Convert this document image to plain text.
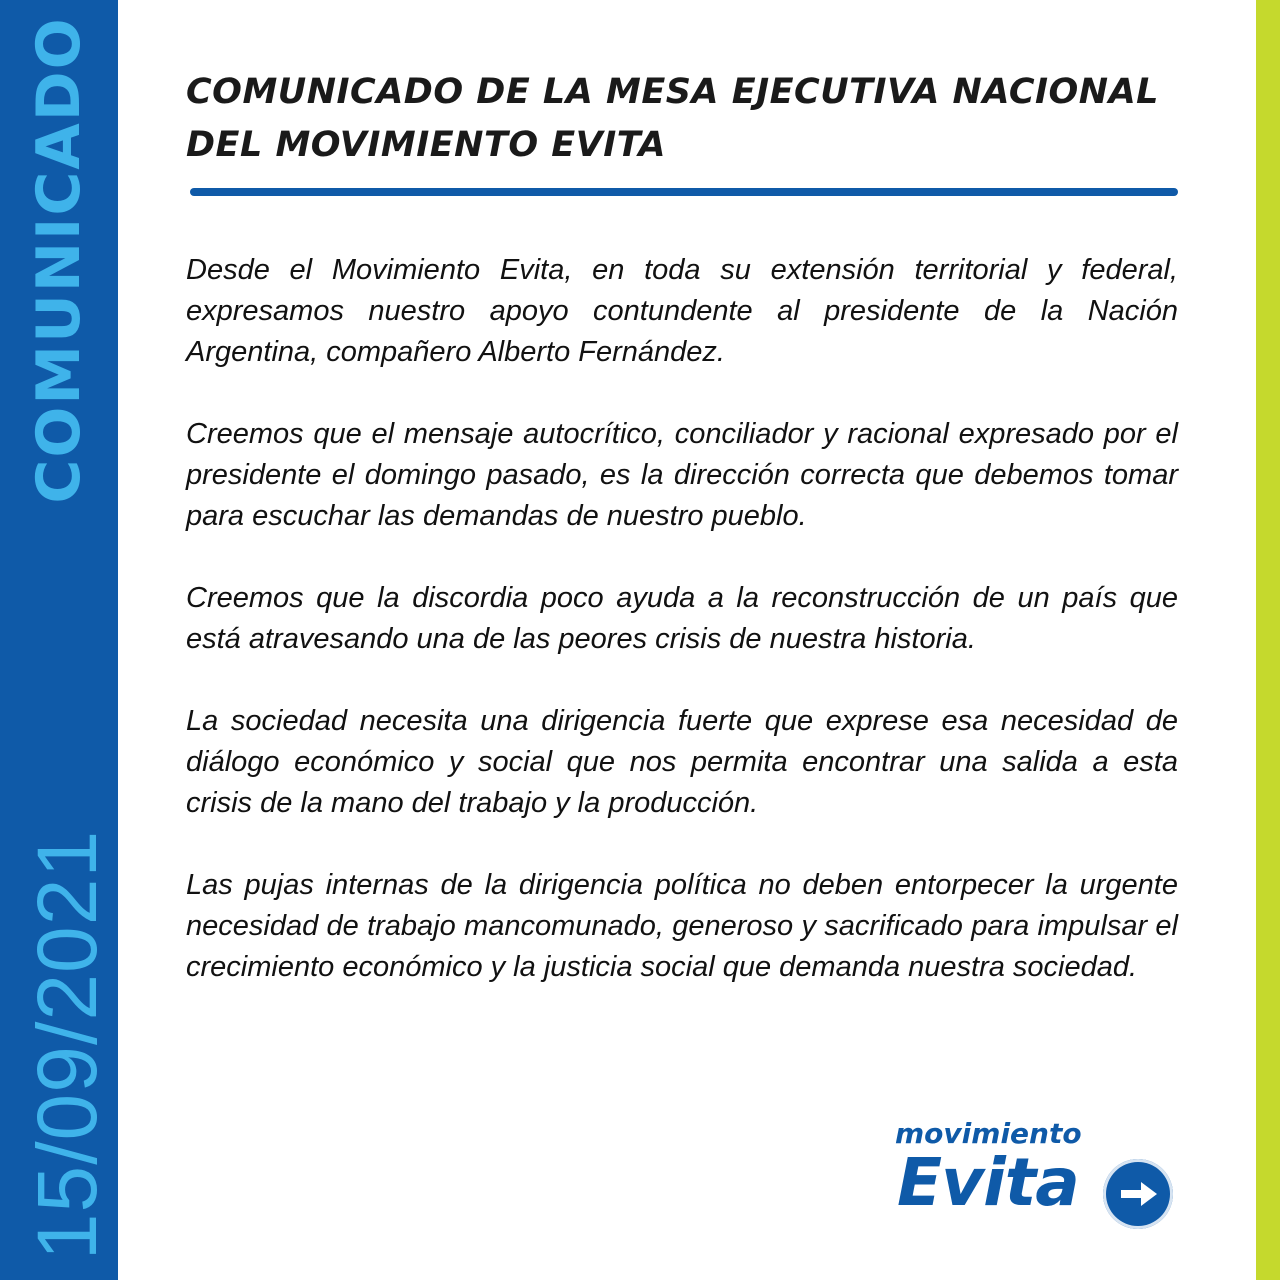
COMUNICADO
15/09/2021
COMUNICADO DE LA MESA EJECUTIVA NACIONAL
DEL MOVIMIENTO EVITA

Desde el Movimiento Evita, en toda su extensión territorial y federal, expresamos nuestro apoyo contundente al presidente de la Nación Argentina, compañero Alberto Fernández.

Creemos que el mensaje autocrítico, conciliador y racional expresado por el presidente el domingo pasado, es la dirección correcta que debemos tomar para escuchar las demandas de nuestro pueblo.

Creemos que la discordia poco ayuda a la reconstrucción de un país que está atravesando una de las peores crisis de nuestra historia.

La sociedad necesita una dirigencia fuerte que exprese esa necesidad de diálogo económico y social que nos permita encontrar una salida a esta crisis de la mano del trabajo y la producción.

Las pujas internas de la dirigencia política no deben entorpecer la urgente necesidad de trabajo mancomunado, generoso y sacrificado para impulsar el crecimiento económico y la justicia social que demanda nuestra sociedad.

movimiento
Evita
